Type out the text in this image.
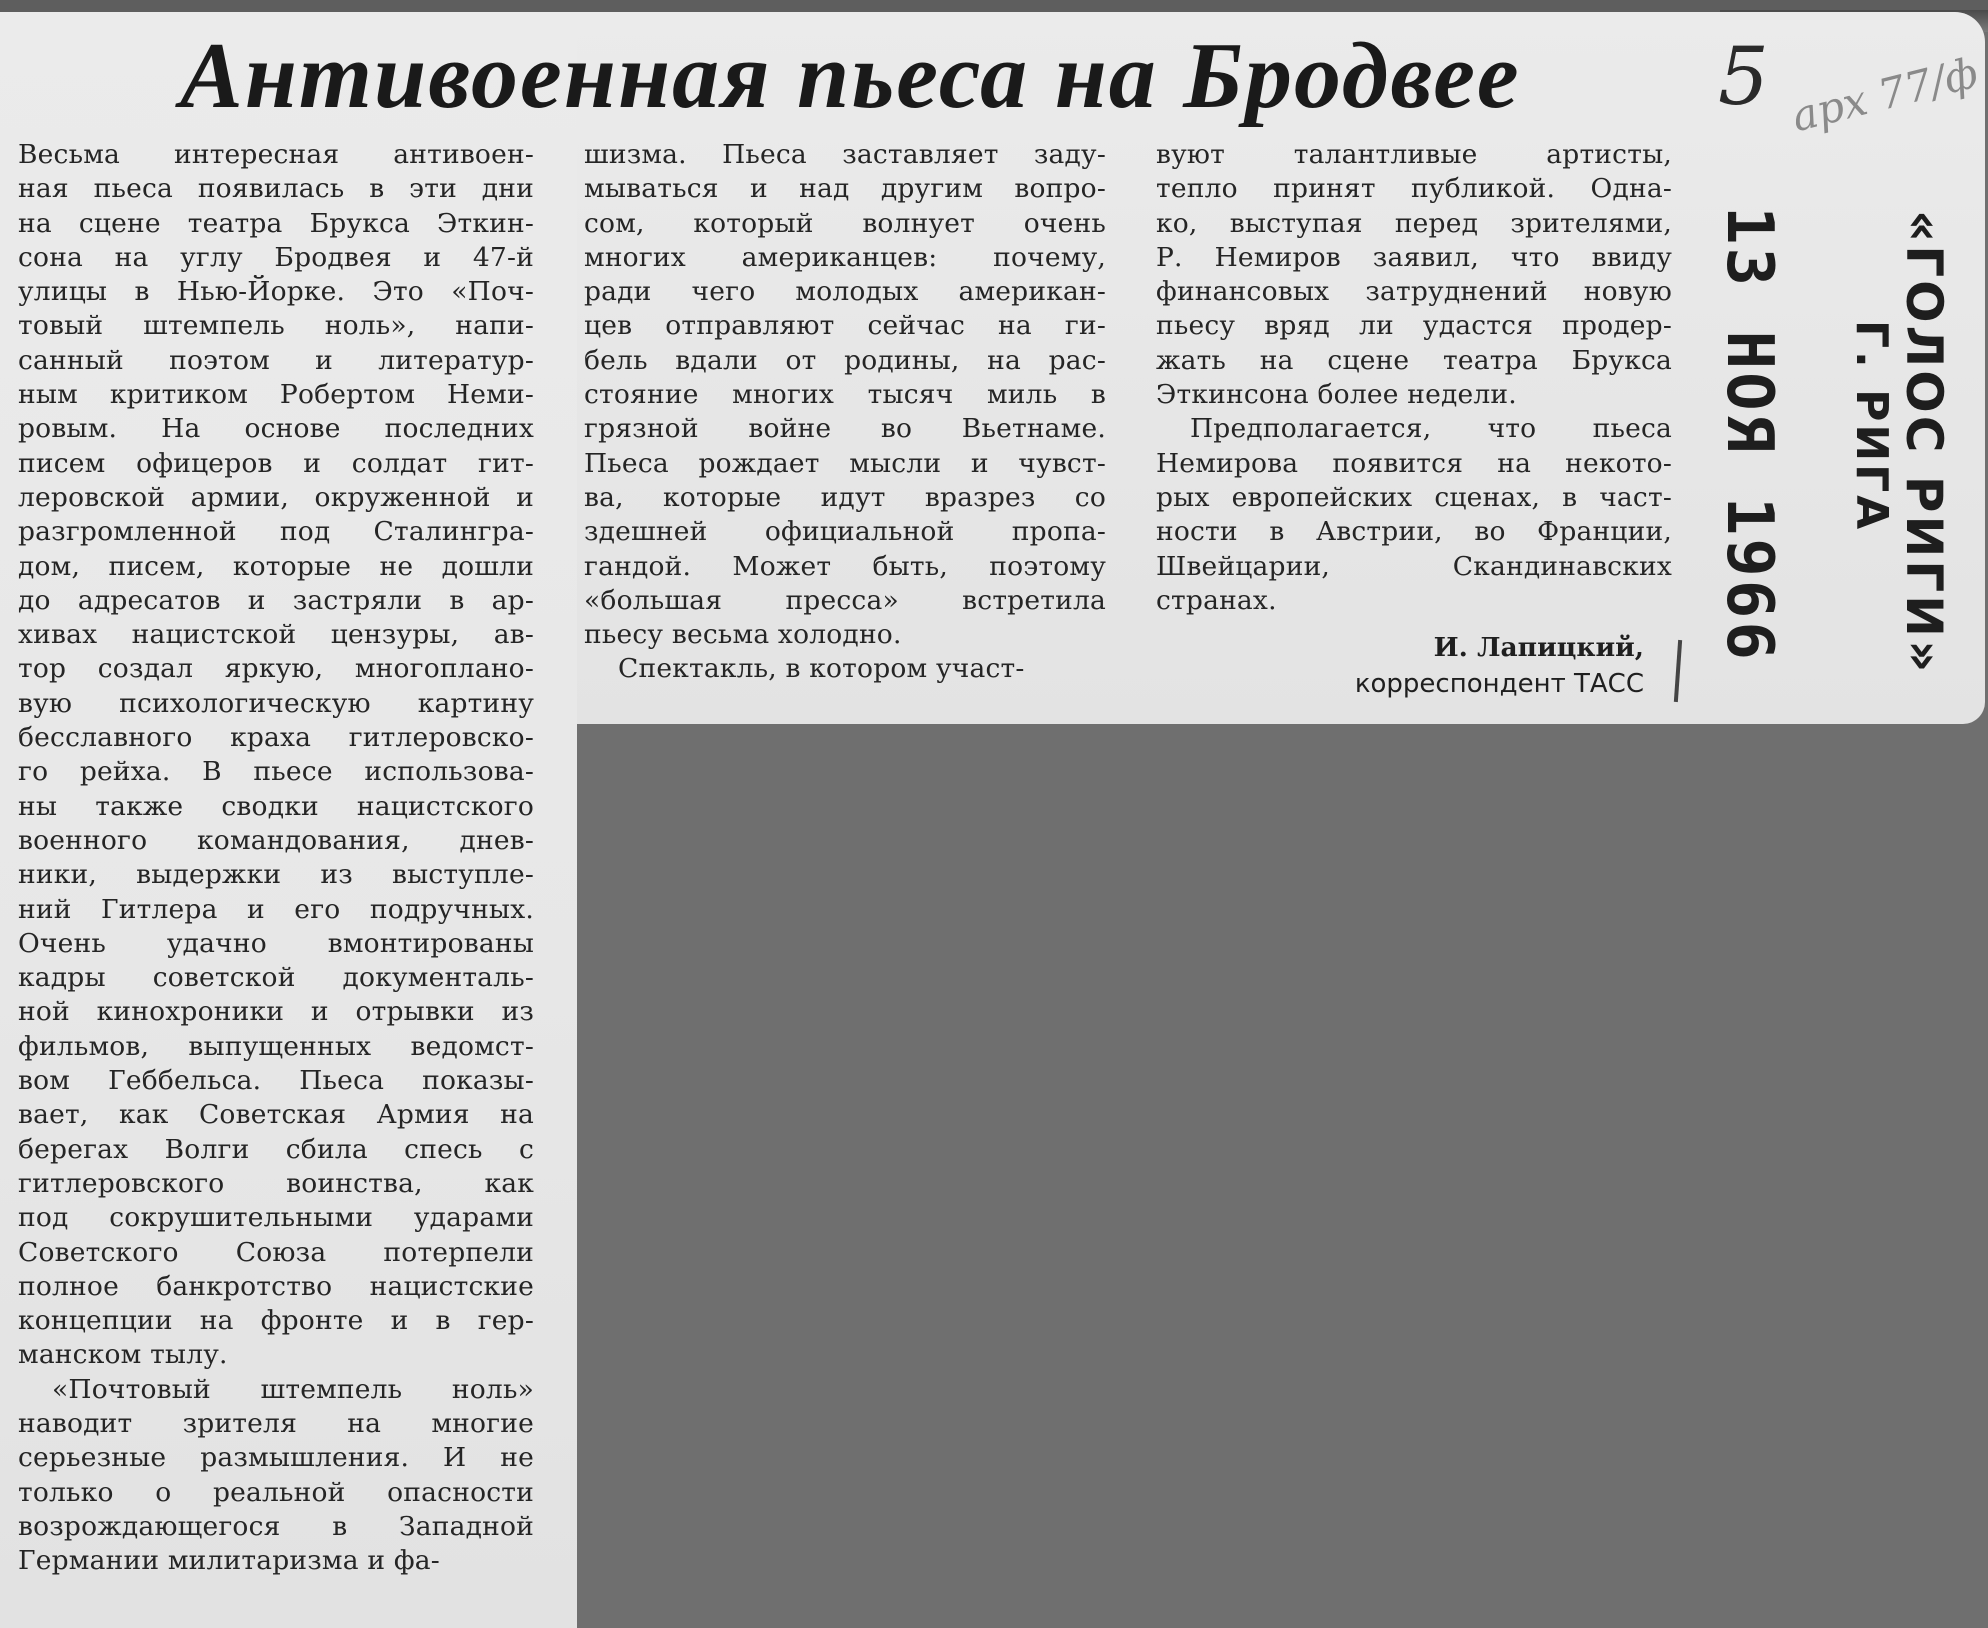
Антивоенная пьеса на Бродвее
Весьма интересная антивоен-
ная пьеса появилась в эти дни
на сцене театра Брукса Эткин-
сона на углу Бродвея и 47-й
улицы в Нью-Йорке. Это «Поч-
товый штемпель ноль», напи-
санный поэтом и литератур-
ным критиком Робертом Неми-
ровым. На основе последних
писем офицеров и солдат гит-
леровской армии, окруженной и
разгромленной под Сталингра-
дом, писем, которые не дошли
до адресатов и застряли в ар-
хивах нацистской цензуры, ав-
тор создал яркую, многопланo-
вую психологическую картину
бесславного краха гитлеровско-
го рейха. В пьесе использова-
ны также сводки нацистского
военного командования, днев-
ники, выдержки из выступле-
ний Гитлера и его подручных.
Очень удачно вмонтированы
кадры советской документаль-
ной кинохроники и отрывки из
фильмов, выпущенных ведомст-
вом Геббельса. Пьеса показы-
вает, как Советская Армия на
берегах Волги сбила спесь с
гитлеровского воинства, как
под сокрушительными ударами
Советского Союза потерпели
полное банкротство нацистские
концепции на фронте и в гер-
манском тылу.
«Почтовый штемпель ноль»
наводит зрителя на многие
серьезные размышления. И не
только о реальной опасности
возрождающегося в Западной
Германии милитаризма и фа-
шизма. Пьеса заставляет заду-
мываться и над другим вопро-
сом, который волнует очень
многих американцев: почему,
ради чего молодых американ-
цев отправляют сейчас на ги-
бель вдали от родины, на рас-
стояние многих тысяч миль в
грязной войне во Вьетнаме.
Пьеса рождает мысли и чувст-
ва, которые идут вразрез со
здешней официальной пропа-
гандой. Может быть, поэтому
«большая пресса» встретила
пьесу весьма холодно.
Спектакль, в котором участ-
вуют талантливые артисты,
тепло принят публикой. Одна-
ко, выступая перед зрителями,
Р. Немиров заявил, что ввиду
финансовых затруднений новую
пьесу вряд ли удастся продер-
жать на сцене театра Брукса
Эткинсона более недели.
Предполагается, что пьеса
Немирова появится на некото-
рых европейских сценах, в част-
ности в Австрии, во Франции,
Швейцарии, Скандинавских
странах.
И. Лапицкий,
корреспондент ТАСС
13 НОЯ 1966 «ГОЛОС РИГИ»
Г. РИГА
5 арх 77/ф
